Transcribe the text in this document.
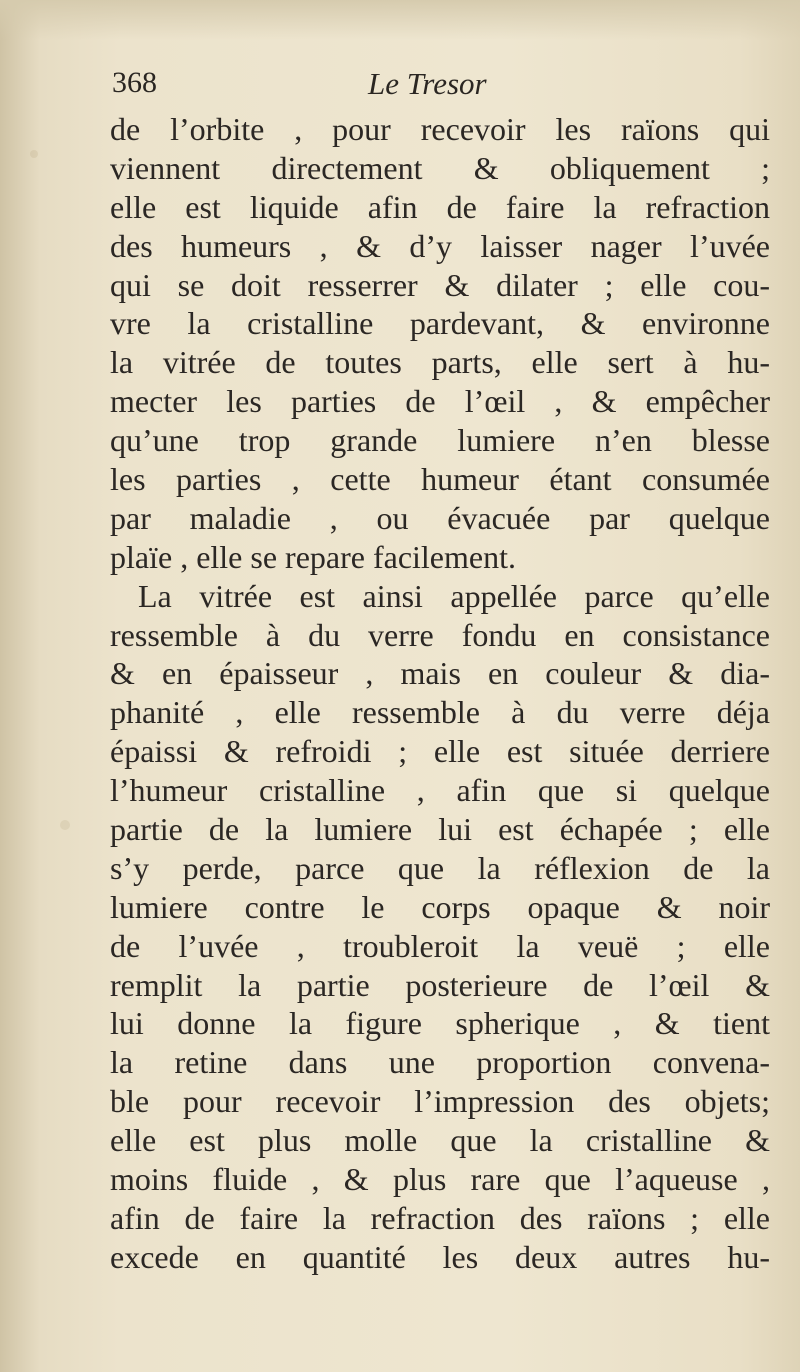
368	Le Tresor
de l’orbite , pour recevoir les raïons qui
viennent directement & obliquement ;
elle est liquide afin de faire la refraction
des humeurs , & d’y laisser nager l’uvée
qui se doit resserrer & dilater ; elle cou-
vre la cristalline pardevant, & environne
la vitrée de toutes parts, elle sert à hu-
mecter les parties de l’œil , & empêcher
qu’une trop grande lumiere n’en blesse
les parties , cette humeur étant consumée
par maladie , ou évacuée par quelque
plaïe , elle se repare facilement.
La vitrée est ainsi appellée parce qu’elle
ressemble à du verre fondu en consistance
& en épaisseur , mais en couleur & dia-
phanité , elle ressemble à du verre déja
épaissi & refroidi ; elle est située derriere
l’humeur cristalline , afin que si quelque
partie de la lumiere lui est échapée ; elle
s’y perde, parce que la réflexion de la
lumiere contre le corps opaque & noir
de l’uvée , troubleroit la veuë ; elle
remplit la partie posterieure de l’œil &
lui donne la figure spherique , & tient
la retine dans une proportion convena-
ble pour recevoir l’impression des objets;
elle est plus molle que la cristalline &
moins fluide , & plus rare que l’aqueuse ,
afin de faire la refraction des raïons ; elle
excede en quantité les deux autres hu-
